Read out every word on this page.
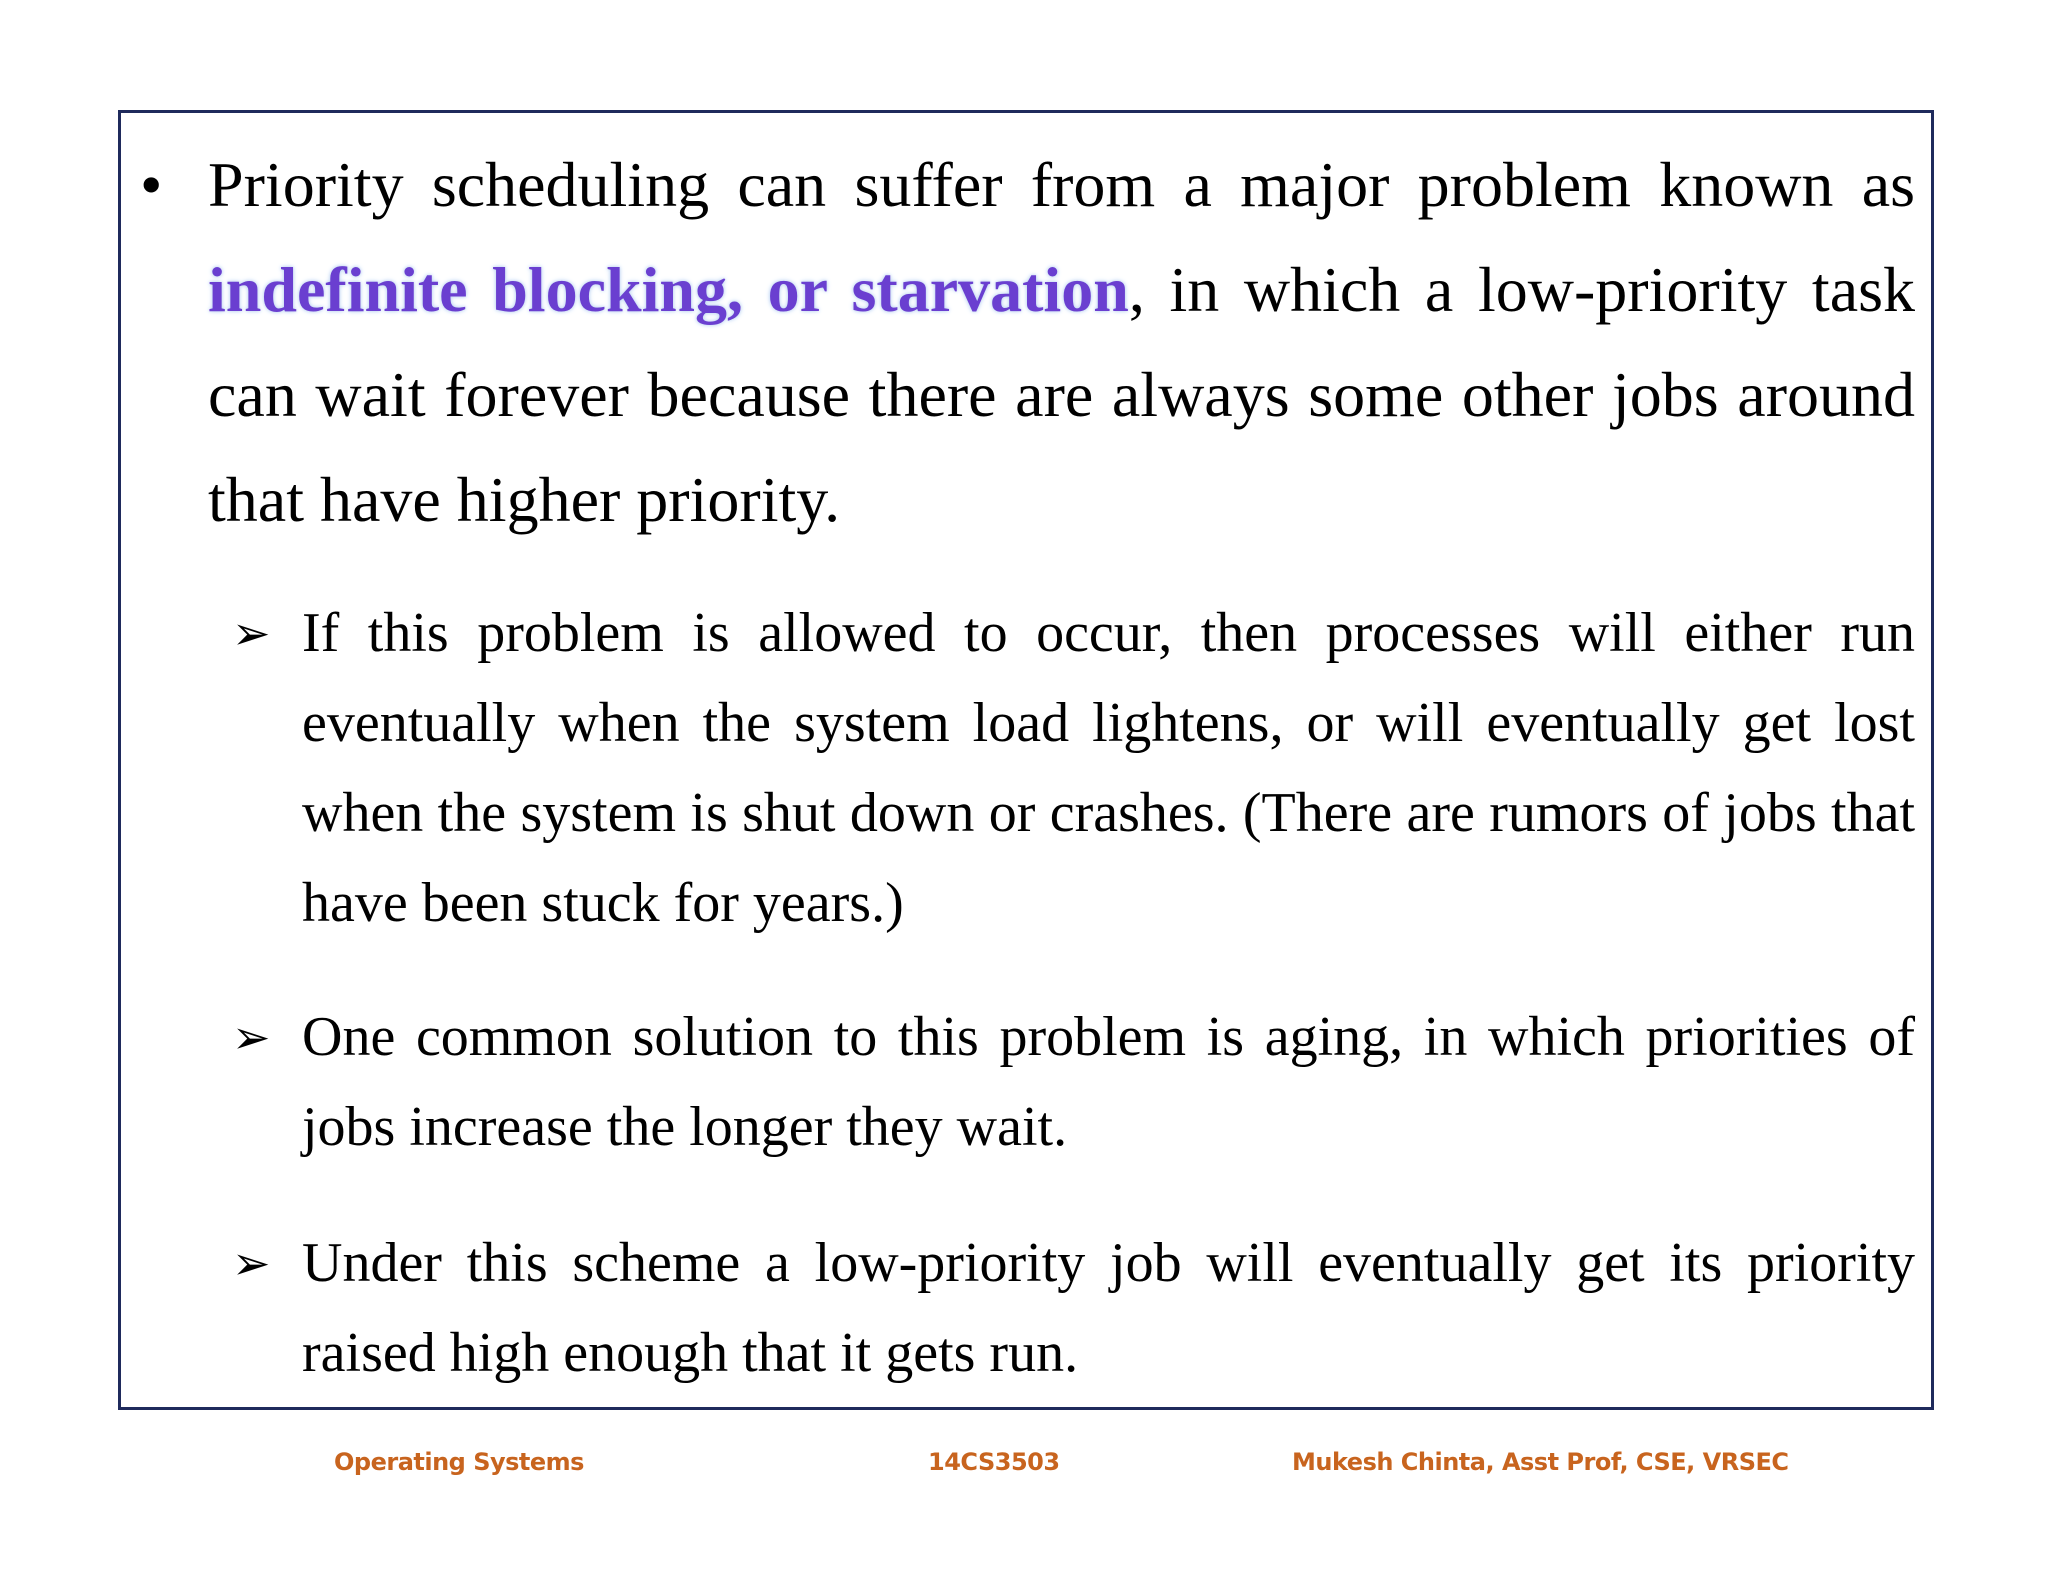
• Priority scheduling can suffer from a major problem known as indefinite blocking, or starvation, in which a low-priority task can wait forever because there are always some other jobs around that have higher priority.
➢ If this problem is allowed to occur, then processes will either run eventually when the system load lightens, or will eventually get lost when the system is shut down or crashes. (There are rumors of jobs that have been stuck for years.)
➢ One common solution to this problem is aging, in which priorities of jobs increase the longer they wait.
➢ Under this scheme a low-priority job will eventually get its priority raised high enough that it gets run.
Operating Systems	14CS3503	Mukesh Chinta, Asst Prof, CSE, VRSEC
